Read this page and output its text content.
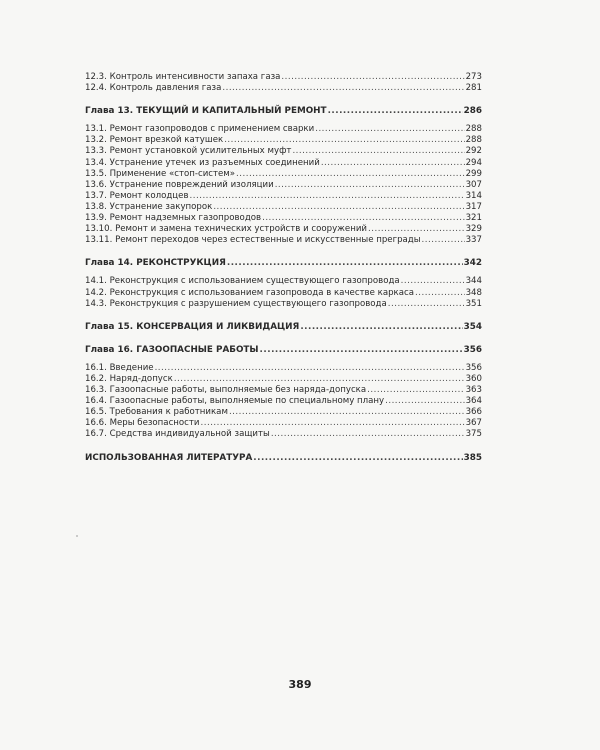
12.3. Контроль интенсивности запаха газа .....	273
12.4. Контроль давления газа .....	281
Глава 13. ТЕКУЩИЙ И КАПИТАЛЬНЫЙ РЕМОНТ .....	286
13.1. Ремонт газопроводов с применением сварки .....	288
13.2. Ремонт врезкой катушек .....	288
13.3. Ремонт установкой усилительных муфт .....	292
13.4. Устранение утечек из разъемных соединений .....	294
13.5. Применение «стоп-систем» .....	299
13.6. Устранение повреждений изоляции .....	307
13.7. Ремонт колодцев .....	314
13.8. Устранение закупорок .....	317
13.9. Ремонт надземных газопроводов .....	321
13.10. Ремонт и замена технических устройств и сооружений .....	329
13.11. Ремонт переходов через естественные и искусственные преграды .....	337
Глава 14. РЕКОНСТРУКЦИЯ .....	342
14.1. Реконструкция с использованием существующего газопровода .....	344
14.2. Реконструкция с использованием газопровода в качестве каркаса .....	348
14.3. Реконструкция с разрушением существующего газопровода .....	351
Глава 15. КОНСЕРВАЦИЯ И ЛИКВИДАЦИЯ .....	354
Глава 16. ГАЗООПАСНЫЕ РАБОТЫ .....	356
16.1. Введение .....	356
16.2. Наряд-допуск .....	360
16.3. Газоопасные работы, выполняемые без наряда-допуска .....	363
16.4. Газоопасные работы, выполняемые по специальному плану .....	364
16.5. Требования к работникам .....	366
16.6. Меры безопасности .....	367
16.7. Средства индивидуальной защиты .....	375
ИСПОЛЬЗОВАННАЯ ЛИТЕРАТУРА .....	385
389
